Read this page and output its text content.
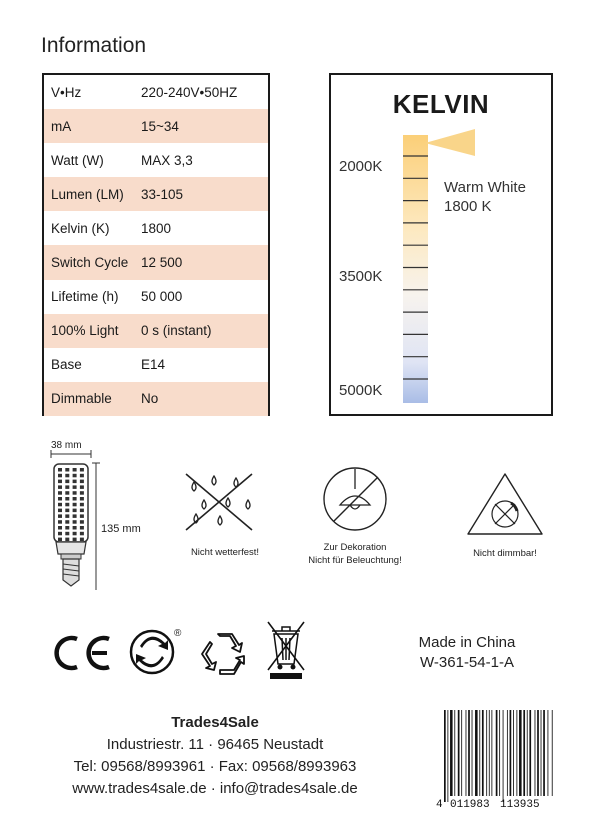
Information
V•Hz	220-240V•50HZ
mA	15~34
Watt (W)	MAX 3,3
Lumen (LM)	33-105
Kelvin (K)	1800
Switch Cycle	12 500
Lifetime (h)	50 000
100% Light	0 s (instant)
Base	E14
Dimmable	No
KELVIN
2000K
3500K
5000K
Warm White
1800 K
38 mm
135 mm
Nicht wetterfest!	Zur Dekoration
Nicht für Beleuchtung!
Nicht dimmbar!
®
Made in China
W-361-54-1-A
Trades4Sale
Industriestr. 11 · 96465 Neustadt
Tel: 09568/8993961 · Fax: 09568/8993963
www.trades4sale.de · info@trades4sale.de
4 011983 113935
